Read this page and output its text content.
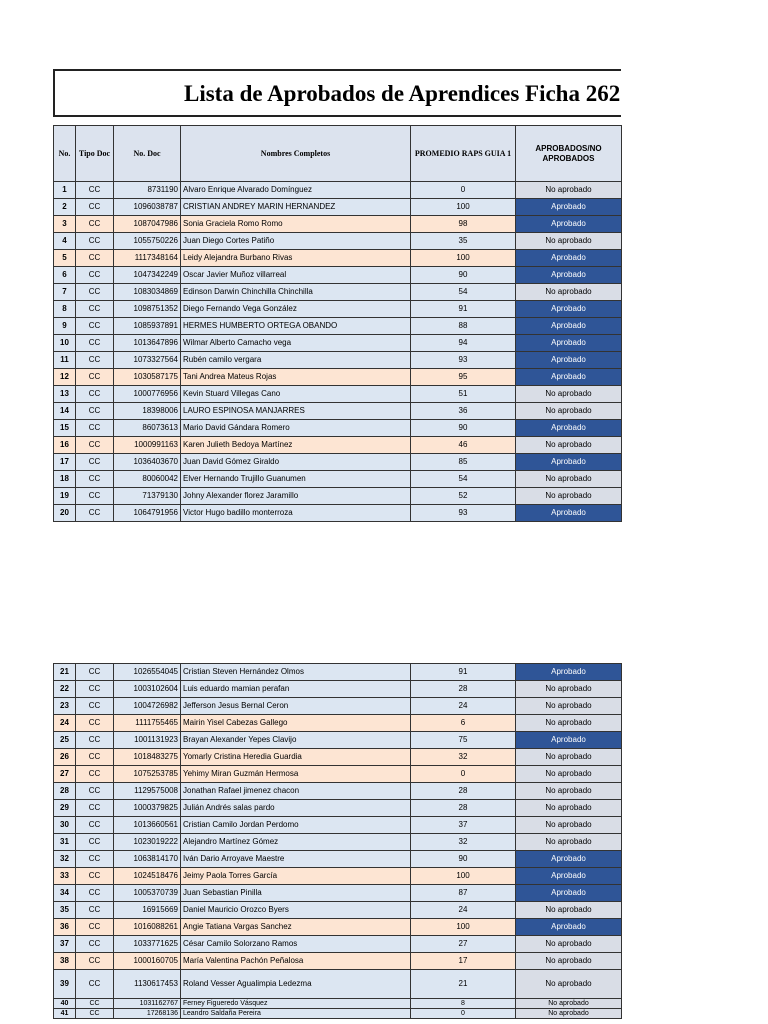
Lista de Aprobados de Aprendices Ficha 262
No.	Tipo Doc	No. Doc	Nombres Completos	PROMEDIO RAPS GUIA 1	APROBADOS/NO APROBADOS
1	CC	8731190	Alvaro Enrique Alvarado Domínguez	0	No aprobado
2	CC	1096038787	CRISTIAN ANDREY MARIN HERNANDEZ	100	Aprobado
3	CC	1087047986	Sonia Graciela Romo Romo	98	Aprobado
4	CC	1055750226	Juan Diego Cortes Patiño	35	No aprobado
5	CC	1117348164	Leidy Alejandra Burbano Rivas	100	Aprobado
6	CC	1047342249	Oscar Javier Muñoz villarreal	90	Aprobado
7	CC	1083034869	Edinson Darwin Chinchilla Chinchilla	54	No aprobado
8	CC	1098751352	Diego Fernando Vega González	91	Aprobado
9	CC	1085937891	HERMES HUMBERTO ORTEGA OBANDO	88	Aprobado
10	CC	1013647896	Wilmar Alberto Camacho vega	94	Aprobado
11	CC	1073327564	Rubén camilo vergara	93	Aprobado
12	CC	1030587175	Tani Andrea Mateus Rojas	95	Aprobado
13	CC	1000776956	Kevin Stuard Villegas Cano	51	No aprobado
14	CC	18398006	LAURO ESPINOSA MANJARRES	36	No aprobado
15	CC	86073613	Mario David Gándara Romero	90	Aprobado
16	CC	1000991163	Karen Julieth Bedoya Martínez	46	No aprobado
17	CC	1036403670	Juan David Gómez Giraldo	85	Aprobado
18	CC	80060042	Elver Hernando Trujillo Guanumen	54	No aprobado
19	CC	71379130	Johny Alexander florez Jaramillo	52	No aprobado
20	CC	1064791956	Victor Hugo badillo monterroza	93	Aprobado
21	CC	1026554045	Cristian Steven Hernández Olmos	91	Aprobado
22	CC	1003102604	Luis eduardo mamian perafan	28	No aprobado
23	CC	1004726982	Jefferson Jesus Bernal Ceron	24	No aprobado
24	CC	1111755465	Mairin Yisel Cabezas Gallego	6	No aprobado
25	CC	1001131923	Brayan Alexander Yepes Clavijo	75	Aprobado
26	CC	1018483275	Yomarly Cristina Heredia Guardia	32	No aprobado
27	CC	1075253785	Yehimy Miran Guzmán Hermosa	0	No aprobado
28	CC	1129575008	Jonathan Rafael jimenez chacon	28	No aprobado
29	CC	1000379825	Julián Andrés salas pardo	28	No aprobado
30	CC	1013660561	Cristian Camilo Jordan Perdomo	37	No aprobado
31	CC	1023019222	Alejandro Martínez Gómez	32	No aprobado
32	CC	1063814170	Iván Dario Arroyave Maestre	90	Aprobado
33	CC	1024518476	Jeimy Paola Torres García	100	Aprobado
34	CC	1005370739	Juan Sebastian Pinilla	87	Aprobado
35	CC	16915669	Daniel Mauricio Orozco Byers	24	No aprobado
36	CC	1016088261	Angie Tatiana Vargas Sanchez	100	Aprobado
37	CC	1033771625	César Camilo Solorzano Ramos	27	No aprobado
38	CC	1000160705	María Valentina Pachón Peñalosa	17	No aprobado
39	CC	1130617453	Roland Vesser Agualimpia Ledezma	21	No aprobado
40	CC	1031162767	Ferney Figueredo Vásquez	8	No aprobado
41	CC	17268136	Leandro Saldaña Pereira	0	No aprobado
